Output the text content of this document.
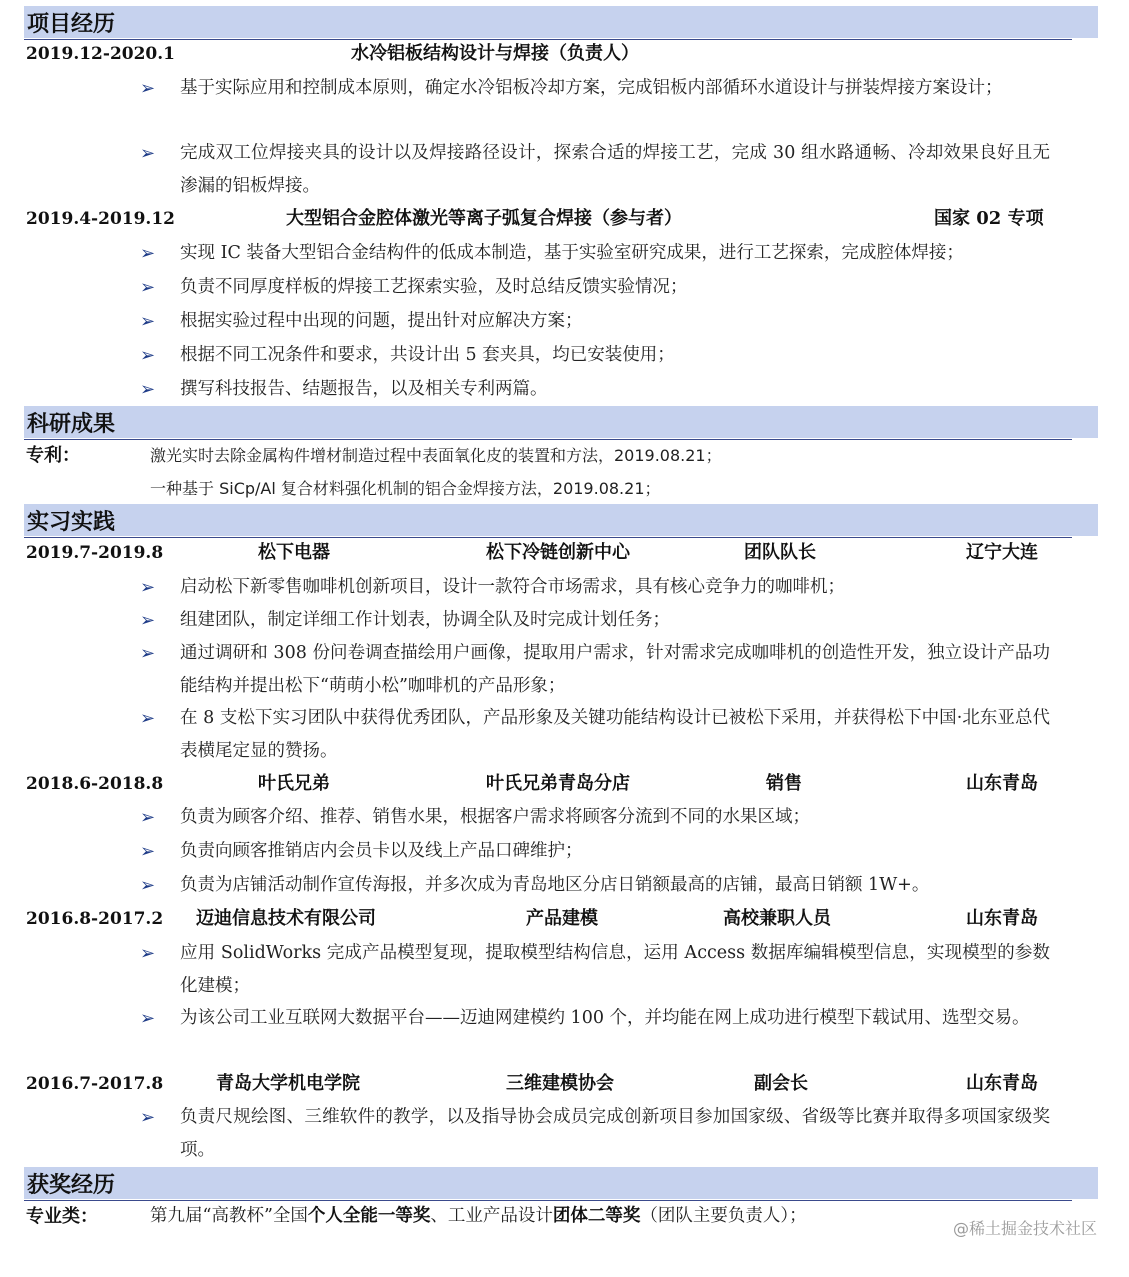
项目经历
2019.12-2020.1	水冷铝板结构设计与焊接（负责人）
➢	基于实际应用和控制成本原则，确定水冷铝板冷却方案，完成铝板内部循环水道设计与拼装焊接方案设计；
➢	完成双工位焊接夹具的设计以及焊接路径设计，探索合适的焊接工艺，完成 30 组水路通畅、冷却效果良好且无渗漏的铝板焊接。
2019.4-2019.12	大型铝合金腔体激光等离子弧复合焊接（参与者）	国家 02 专项
➢	实现 IC 装备大型铝合金结构件的低成本制造，基于实验室研究成果，进行工艺探索，完成腔体焊接；
➢	负责不同厚度样板的焊接工艺探索实验，及时总结反馈实验情况；
➢	根据实验过程中出现的问题，提出针对应解决方案；
➢	根据不同工况条件和要求，共设计出 5 套夹具，均已安装使用；
➢	撰写科技报告、结题报告，以及相关专利两篇。
科研成果
专利：	激光实时去除金属构件增材制造过程中表面氧化皮的装置和方法，2019.08.21；
一种基于 SiCp/Al 复合材料强化机制的铝合金焊接方法，2019.08.21；
实习实践
2019.7-2019.8	松下电器	松下冷链创新中心	团队队长	辽宁大连
➢	启动松下新零售咖啡机创新项目，设计一款符合市场需求，具有核心竞争力的咖啡机；
➢	组建团队，制定详细工作计划表，协调全队及时完成计划任务；
➢	通过调研和 308 份问卷调查描绘用户画像，提取用户需求，针对需求完成咖啡机的创造性开发，独立设计产品功能结构并提出松下“萌萌小松”咖啡机的产品形象；
➢	在 8 支松下实习团队中获得优秀团队，产品形象及关键功能结构设计已被松下采用，并获得松下中国·北东亚总代表横尾定显的赞扬。
2018.6-2018.8	叶氏兄弟	叶氏兄弟青岛分店	销售	山东青岛
➢	负责为顾客介绍、推荐、销售水果，根据客户需求将顾客分流到不同的水果区域；
➢	负责向顾客推销店内会员卡以及线上产品口碑维护；
➢	负责为店铺活动制作宣传海报，并多次成为青岛地区分店日销额最高的店铺，最高日销额 1W+。
2016.8-2017.2 迈迪信息技术有限公司	产品建模	高校兼职人员	山东青岛
➢	应用 SolidWorks 完成产品模型复现，提取模型结构信息，运用 Access 数据库编辑模型信息，实现模型的参数化建模；
➢	为该公司工业互联网大数据平台——迈迪网建模约 100 个，并均能在网上成功进行模型下载试用、选型交易。
2016.7-2017.8	青岛大学机电学院	三维建模协会	副会长	山东青岛
➢	负责尺规绘图、三维软件的教学，以及指导协会成员完成创新项目参加国家级、省级等比赛并取得多项国家级奖项。
获奖经历
专业类：	第九届“高教杯”全国个人全能一等奖、工业产品设计团体二等奖（团队主要负责人）；
@稀土掘金技术社区
